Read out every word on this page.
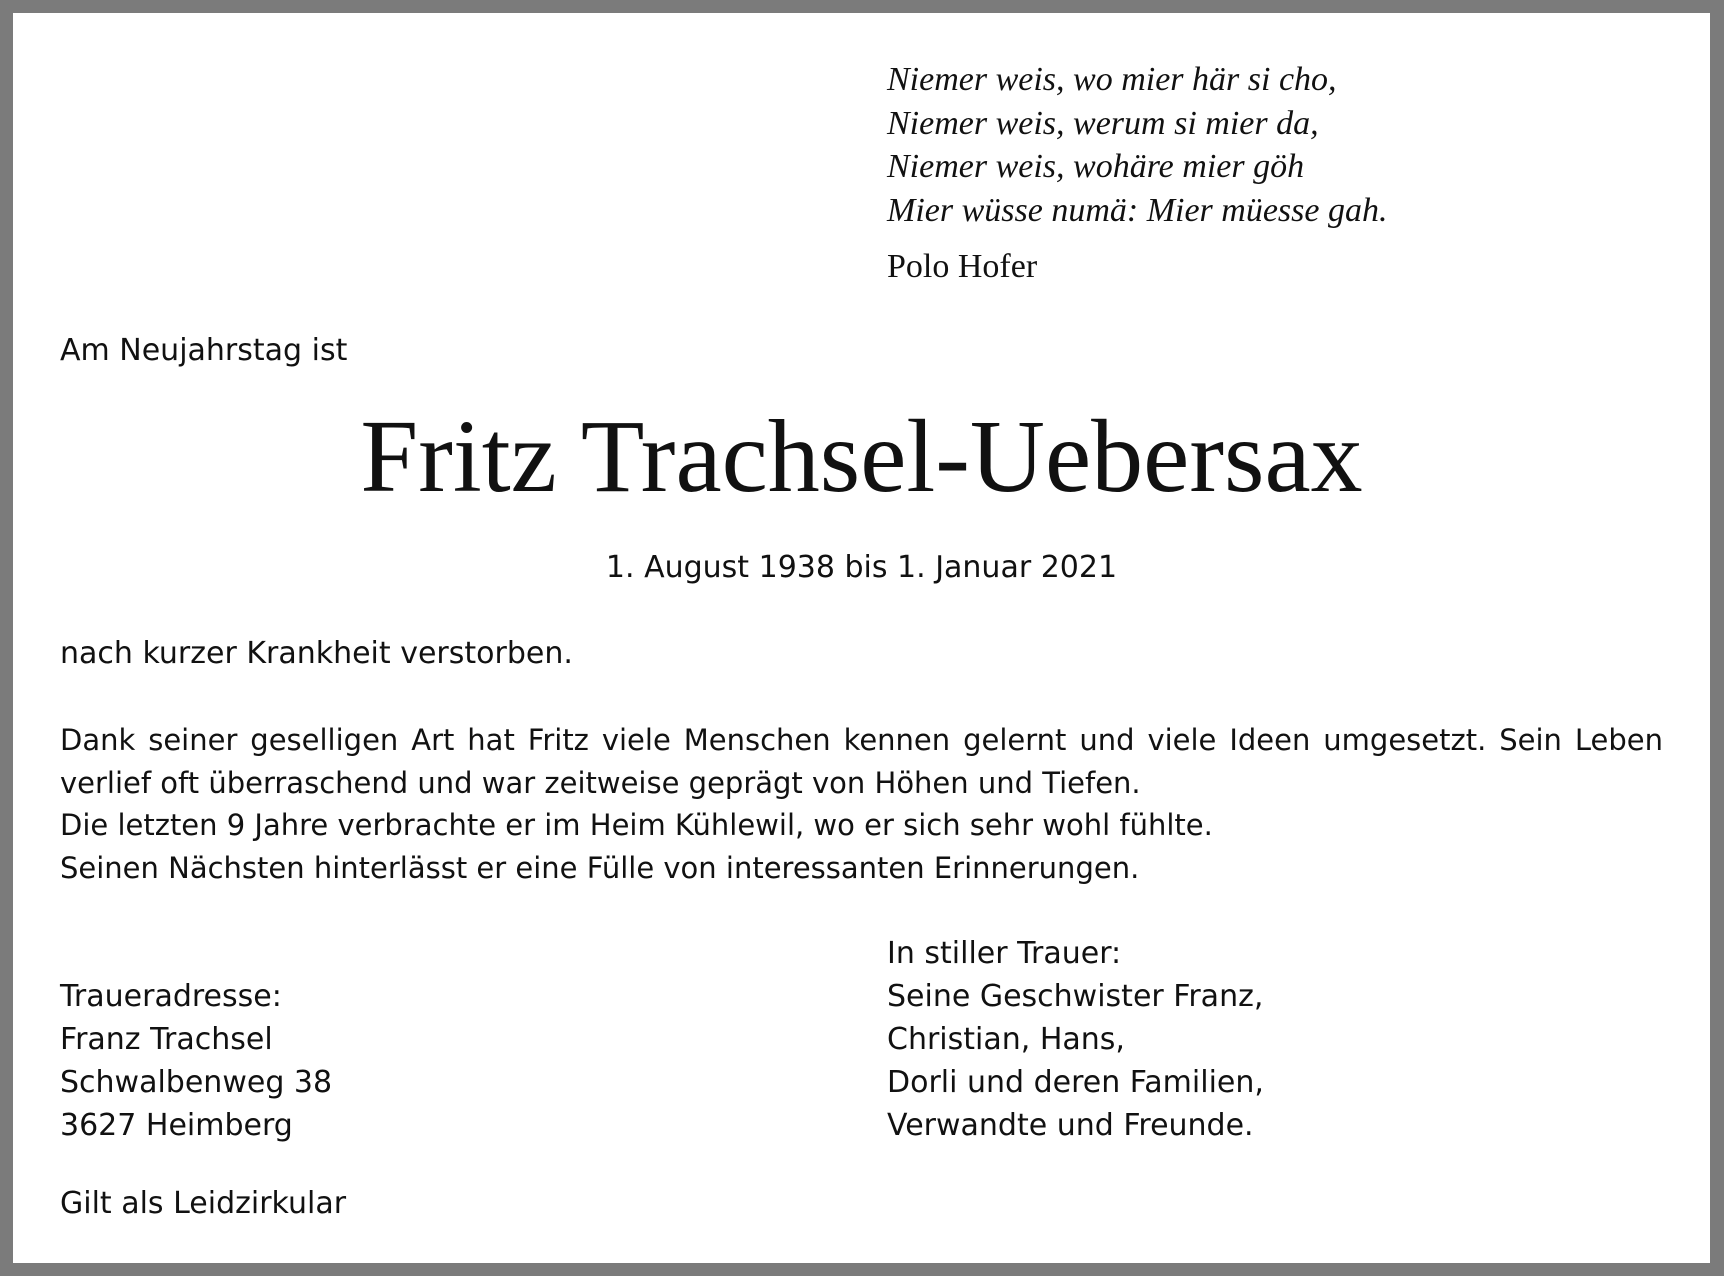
Niemer weis, wo mier här si cho,
Niemer weis, werum si mier da,
Niemer weis, wohäre mier göh
Mier wüsse numä: Mier müesse gah.
Polo Hofer
Am Neujahrstag ist
Fritz Trachsel-Uebersax
1. August 1938 bis 1. Januar 2021
nach kurzer Krankheit verstorben.
Dank seiner geselligen Art hat Fritz viele Menschen kennen gelernt und viele Ideen umgesetzt. Sein Leben verlief oft überraschend und war zeitweise geprägt von Höhen und Tiefen.
Die letzten 9 Jahre verbrachte er im Heim Kühlewil, wo er sich sehr wohl fühlte.
Seinen Nächsten hinterlässt er eine Fülle von interessanten Erinnerungen.
Traueradresse:
Franz Trachsel
Schwalbenweg 38
3627 Heimberg
In stiller Trauer:
Seine Geschwister Franz,
Christian, Hans,
Dorli und deren Familien,
Verwandte und Freunde.
Gilt als Leidzirkular
